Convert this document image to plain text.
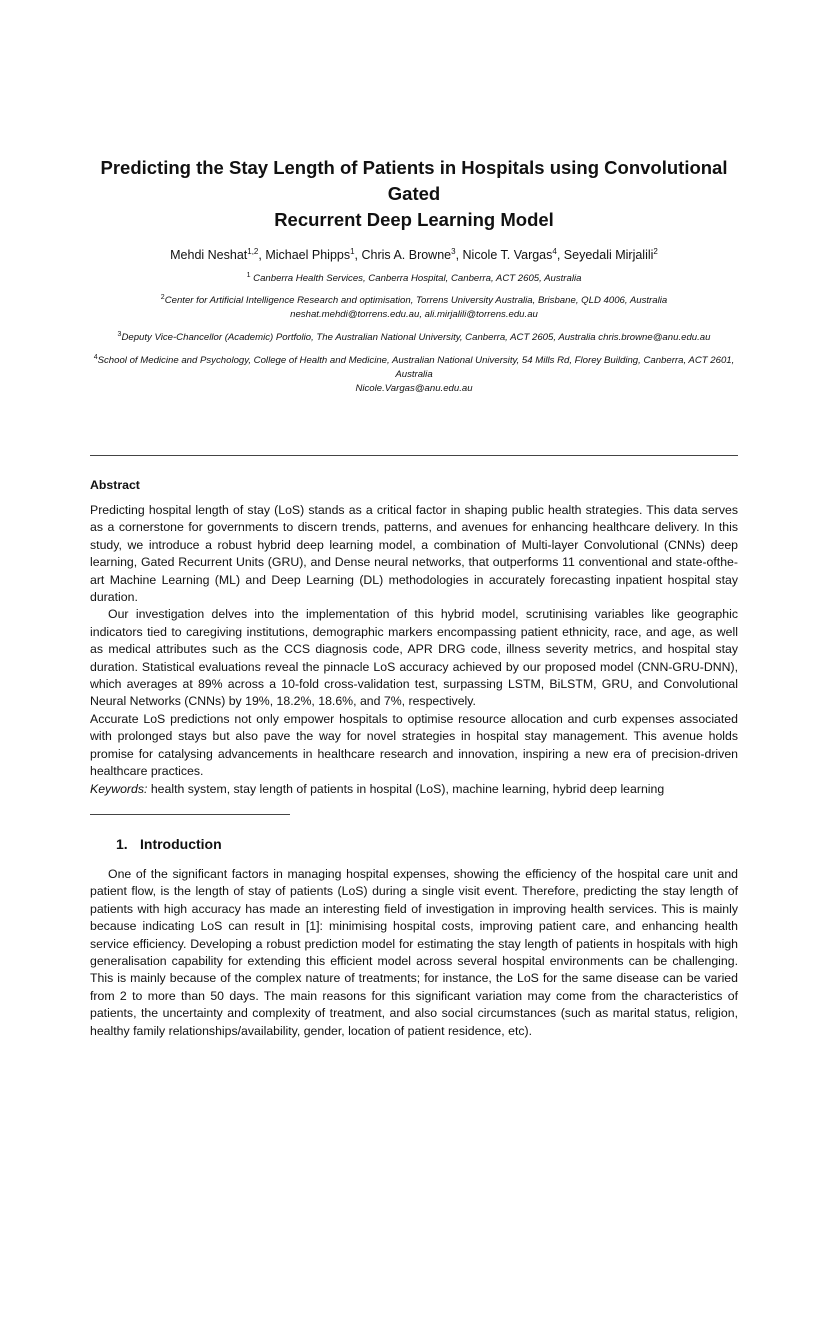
Predicting the Stay Length of Patients in Hospitals using Convolutional Gated
Recurrent Deep Learning Model
Mehdi Neshat$^{1,2}$, Michael Phipps$^1$, Chris A. Browne$^3$, Nicole T. Vargas$^4$, Seyedali Mirjalili$^2$
$^1$ Canberra Health Services, Canberra Hospital, Canberra, ACT 2605, Australia
$^2$Center for Artificial Intelligence Research and optimisation, Torrens University Australia, Brisbane, QLD 4006, Australia
neshat.mehdi@torrens.edu.au, ali.mirjalili@torrens.edu.au
$^3$Deputy Vice-Chancellor (Academic) Portfolio, The Australian National University, Canberra, ACT 2605, Australia chris.browne@anu.edu.au
$^4$School of Medicine and Psychology, College of Health and Medicine, Australian National University, 54 Mills Rd, Florey Building, Canberra, ACT 2601, Australia
Nicole.Vargas@anu.edu.au
Abstract

Predicting hospital length of stay (LoS) stands as a critical factor in shaping public health strategies. This data serves as a cornerstone for governments to discern trends, patterns, and avenues for enhancing healthcare delivery. In this study, we introduce a robust hybrid deep learning model, a combination of Multi-layer Convolutional (CNNs) deep learning, Gated Recurrent Units (GRU), and Dense neural networks, that outperforms 11 conventional and state-ofthe-art Machine Learning (ML) and Deep Learning (DL) methodologies in accurately forecasting inpatient hospital stay duration.

Our investigation delves into the implementation of this hybrid model, scrutinising variables like geographic indicators tied to caregiving institutions, demographic markers encompassing patient ethnicity, race, and age, as well as medical attributes such as the CCS diagnosis code, APR DRG code, illness severity metrics, and hospital stay duration. Statistical evaluations reveal the pinnacle LoS accuracy achieved by our proposed model (CNN-GRU-DNN), which averages at 89% across a 10-fold cross-validation test, surpassing LSTM, BiLSTM, GRU, and Convolutional Neural Networks (CNNs) by 19%, 18.2%, 18.6%, and 7%, respectively.

Accurate LoS predictions not only empower hospitals to optimise resource allocation and curb expenses associated with prolonged stays but also pave the way for novel strategies in hospital stay management. This avenue holds promise for catalysing advancements in healthcare research and innovation, inspiring a new era of precision-driven healthcare practices.

Keywords: health system, stay length of patients in hospital (LoS), machine learning, hybrid deep learning

1. Introduction

One of the significant factors in managing hospital expenses, showing the efficiency of the hospital care unit and patient flow, is the length of stay of patients (LoS) during a single visit event. Therefore, predicting the stay length of patients with high accuracy has made an interesting field of investigation in improving health services. This is mainly because indicating LoS can result in [1]: minimising hospital costs, improving patient care, and enhancing health service efficiency. Developing a robust prediction model for estimating the stay length of patients in hospitals with high generalisation capability for extending this efficient model across several hospital environments can be challenging. This is mainly because of the complex nature of treatments; for instance, the LoS for the same disease can be varied from 2 to more than 50 days. The main reasons for this significant variation may come from the characteristics of patients, the uncertainty and complexity of treatment, and also social circumstances (such as marital status, religion, healthy family relationships/availability, gender, location of patient residence, etc).
